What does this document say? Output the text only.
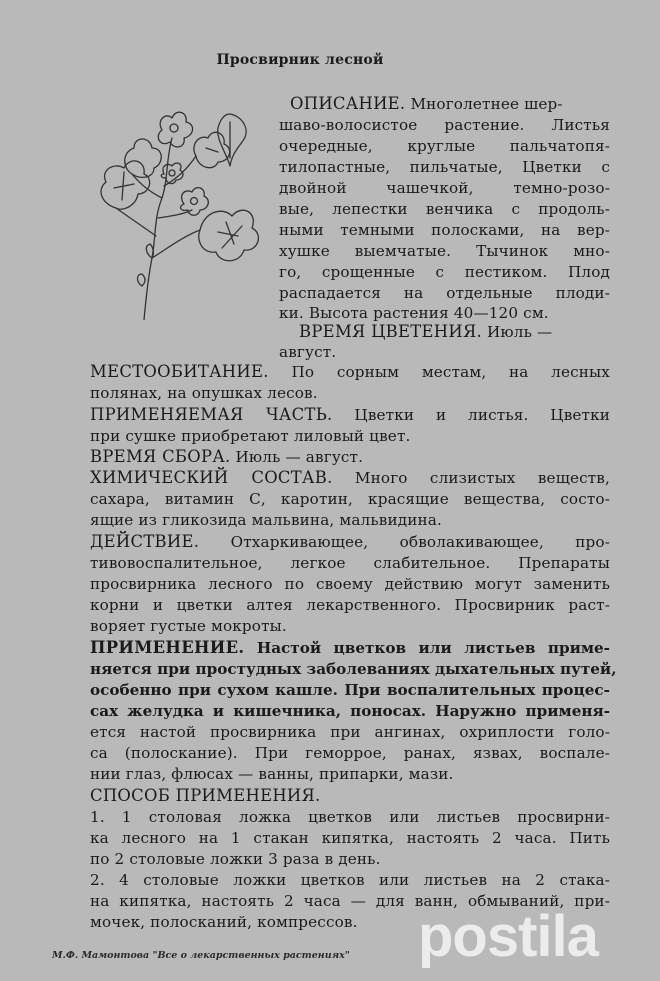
Просвирник лесной
ОПИСАНИЕ. Многолетнее шер-
шаво-волосистое растение. Листья
очередные, круглые пальчатопя-
тилопастные, пильчатые, Цветки с
двойной чашечкой, темно-розо-
вые, лепестки венчика с продоль-
ными темными полосками, на вер-
хушке выемчатые. Тычинок мно-
го, срощенные с пестиком. Плод
распадается на отдельные плоди-
ки. Высота растения 40—120 см.
ВРЕМЯ ЦВЕТЕНИЯ. Июль —
август.
МЕСТООБИТАНИЕ. По сорным местам, на лесных
полянах, на опушках лесов.
ПРИМЕНЯЕМАЯ ЧАСТЬ. Цветки и листья. Цветки
при сушке приобретают лиловый цвет.
ВРЕМЯ СБОРА. Июль — август.
ХИМИЧЕСКИЙ СОСТАВ. Много слизистых веществ,
сахара, витамин С, каротин, красящие вещества, состо-
ящие из гликозида мальвина, мальвидина.
ДЕЙСТВИЕ. Отхаркивающее, обволакивающее, про-
тивовоспалительное, легкое слабительное. Препараты
просвирника лесного по своему действию могут заменить
корни и цветки алтея лекарственного. Просвирник раст-
воряет густые мокроты.
ПРИМЕНЕНИЕ. Настой цветков или листьев приме-
няется при простудных заболеваниях дыхательных путей,
особенно при сухом кашле. При воспалительных процес-
сах желудка и кишечника, поносах. Наружно применя-
ется настой просвирника при ангинах, охриплости голо-
са (полоскание). При геморрое, ранах, язвах, воспале-
нии глаз, флюсах — ванны, припарки, мази.
СПОСОБ ПРИМЕНЕНИЯ.
1. 1 столовая ложка цветков или листьев просвирни-
ка лесного на 1 стакан кипятка, настоять 2 часа. Пить
по 2 столовые ложки 3 раза в день.
2. 4 столовые ложки цветков или листьев на 2 стака-
на кипятка, настоять 2 часа — для ванн, обмываний, при-
мочек, полосканий, компрессов.
М.Ф. Мамонтова "Все о лекарственных растениях" postila
